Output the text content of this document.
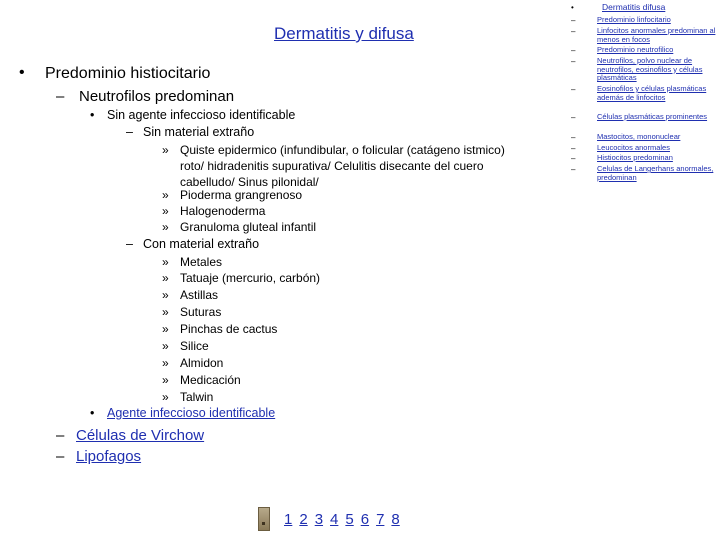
Dermatitis y difusa
• Predominio histiocitario
– Neutrofilos predominan
• Sin agente infeccioso identificable
– Sin material extraño
» Quiste epidermico (infundibular, o folicular (catágeno istmico)
roto/ hidradenitis supurativa/ Celulitis disecante del cuero
cabelludo/ Sinus pilonidal/
» Pioderma grangrenoso
» Halogenoderma
» Granuloma gluteal infantil
– Con material extraño
» Metales
» Tatuaje (mercurio, carbón)
» Astillas
» Suturas
» Pinchas de cactus
» Silice
» Almidon
» Medicación
» Talwin
• Agente infeccioso identificable
– Células de Virchow
– Lipofagos
1 2 3 4 5 6 7 8
•	Dermatitis difusa
–	Predominio linfocitario
–	Linfocitos anormales predominan al menos en focos
–	Predominio neutrofilico
–	Neutrofilos, polvo nuclear de neutrofilos, eosinofilos y células plasmáticas
–	Eosinofilos y células plasmáticas además de linfocitos
–	Células plasmáticas prominentes
–	Mastocitos, mononuclear
–	Leucocitos anormales
–	Histiocitos predominan
–	Celulas de Langerhans anormales, predominan
